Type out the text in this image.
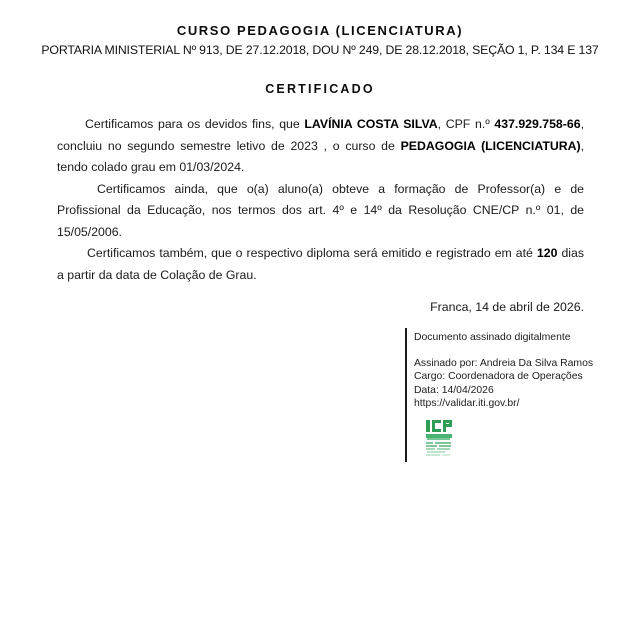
CURSO PEDAGOGIA (LICENCIATURA)
PORTARIA MINISTERIAL Nº 913, DE 27.12.2018, DOU Nº 249, DE 28.12.2018, SEÇÃO 1, P. 134 E 137
CERTIFICADO

Certificamos para os devidos fins, que LAVÍNIA COSTA SILVA, CPF n.º 437.929.758-66, concluiu no segundo semestre letivo de 2023 , o curso de PEDAGOGIA (LICENCIATURA), tendo colado grau em 01/03/2024.

Certificamos ainda, que o(a) aluno(a) obteve a formação de Professor(a) e de Profissional da Educação, nos termos dos art. 4º e 14º da Resolução CNE/CP n.º 01, de 15/05/2006.

Certificamos também, que o respectivo diploma será emitido e registrado em até 120 dias a partir da data de Colação de Grau.

Franca, 14 de abril de 2026.
Documento assinado digitalmente
Assinado por: Andreia Da Silva Ramos
Cargo: Coordenadora de Operações
Data: 14/04/2026
https://validar.iti.gov.br/
